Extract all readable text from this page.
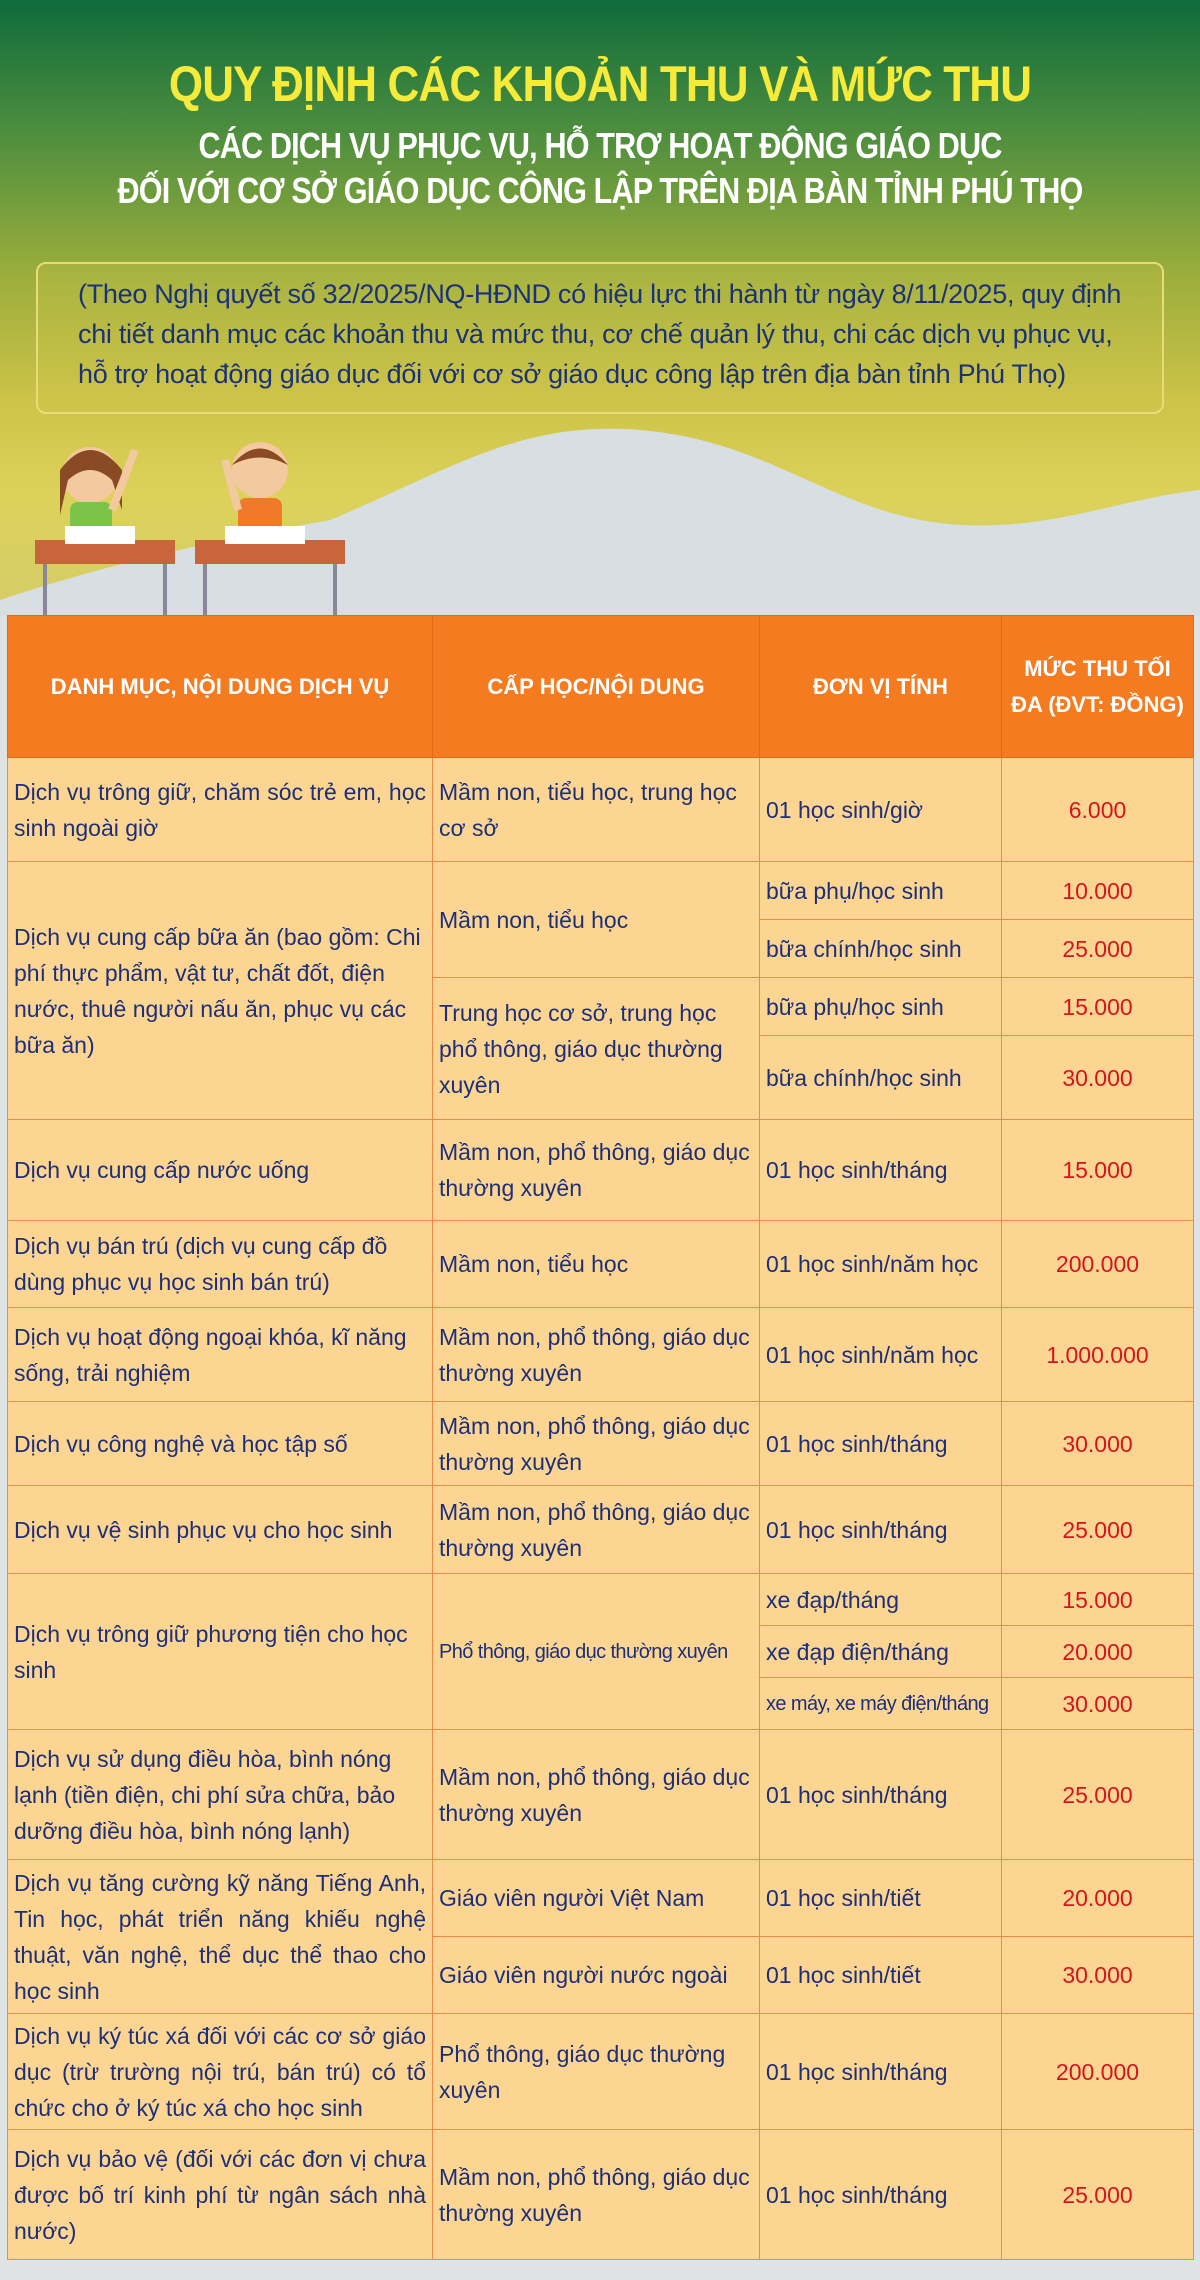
QUY ĐỊNH CÁC KHOẢN THU VÀ MỨC THU
CÁC DỊCH VỤ PHỤC VỤ, HỖ TRỢ HOẠT ĐỘNG GIÁO DỤC
ĐỐI VỚI CƠ SỞ GIÁO DỤC CÔNG LẬP TRÊN ĐỊA BÀN TỈNH PHÚ THỌ
(Theo Nghị quyết số 32/2025/NQ-HĐND có hiệu lực thi hành từ ngày 8/11/2025, quy định chi tiết danh mục các khoản thu và mức thu, cơ chế quản lý thu, chi các dịch vụ phục vụ, hỗ trợ hoạt động giáo dục đối với cơ sở giáo dục công lập trên địa bàn tỉnh Phú Thọ)
DANH MỤC, NỘI DUNG DỊCH VỤ	CẤP HỌC/NỘI DUNG	ĐƠN VỊ TÍNH	MỨC THU TỐI ĐA (ĐVT: ĐỒNG)
Dịch vụ trông giữ, chăm sóc trẻ em, học sinh ngoài giờ	Mầm non, tiểu học, trung học cơ sở	01 học sinh/giờ	6.000
Dịch vụ cung cấp bữa ăn (bao gồm: Chi phí thực phẩm, vật tư, chất đốt, điện nước, thuê người nấu ăn, phục vụ các bữa ăn)	Mầm non, tiểu học	bữa phụ/học sinh	10.000
		bữa chính/học sinh	25.000
	Trung học cơ sở, trung học phổ thông, giáo dục thường xuyên	bữa phụ/học sinh	15.000
		bữa chính/học sinh	30.000
Dịch vụ cung cấp nước uống	Mầm non, phổ thông, giáo dục thường xuyên	01 học sinh/tháng	15.000
Dịch vụ bán trú (dịch vụ cung cấp đồ dùng phục vụ học sinh bán trú)	Mầm non, tiểu học	01 học sinh/năm học	200.000
Dịch vụ hoạt động ngoại khóa, kĩ năng sống, trải nghiệm	Mầm non, phổ thông, giáo dục thường xuyên	01 học sinh/năm học	1.000.000
Dịch vụ công nghệ và học tập số	Mầm non, phổ thông, giáo dục thường xuyên	01 học sinh/tháng	30.000
Dịch vụ vệ sinh phục vụ cho học sinh	Mầm non, phổ thông, giáo dục thường xuyên	01 học sinh/tháng	25.000
Dịch vụ trông giữ phương tiện cho học sinh	Phổ thông, giáo dục thường xuyên	xe đạp/tháng	15.000
		xe đạp điện/tháng	20.000
		xe máy, xe máy điện/tháng	30.000
Dịch vụ sử dụng điều hòa, bình nóng lạnh (tiền điện, chi phí sửa chữa, bảo dưỡng điều hòa, bình nóng lạnh)	Mầm non, phổ thông, giáo dục thường xuyên	01 học sinh/tháng	25.000
Dịch vụ tăng cường kỹ năng Tiếng Anh, Tin học, phát triển năng khiếu nghệ thuật, văn nghệ, thể dục thể thao cho học sinh	Giáo viên người Việt Nam	01 học sinh/tiết	20.000
	Giáo viên người nước ngoài	01 học sinh/tiết	30.000
Dịch vụ ký túc xá đối với các cơ sở giáo dục (trừ trường nội trú, bán trú) có tổ chức cho ở ký túc xá cho học sinh	Phổ thông, giáo dục thường xuyên	01 học sinh/tháng	200.000
Dịch vụ bảo vệ (đối với các đơn vị chưa được bố trí kinh phí từ ngân sách nhà nước)	Mầm non, phổ thông, giáo dục thường xuyên	01 học sinh/tháng	25.000
